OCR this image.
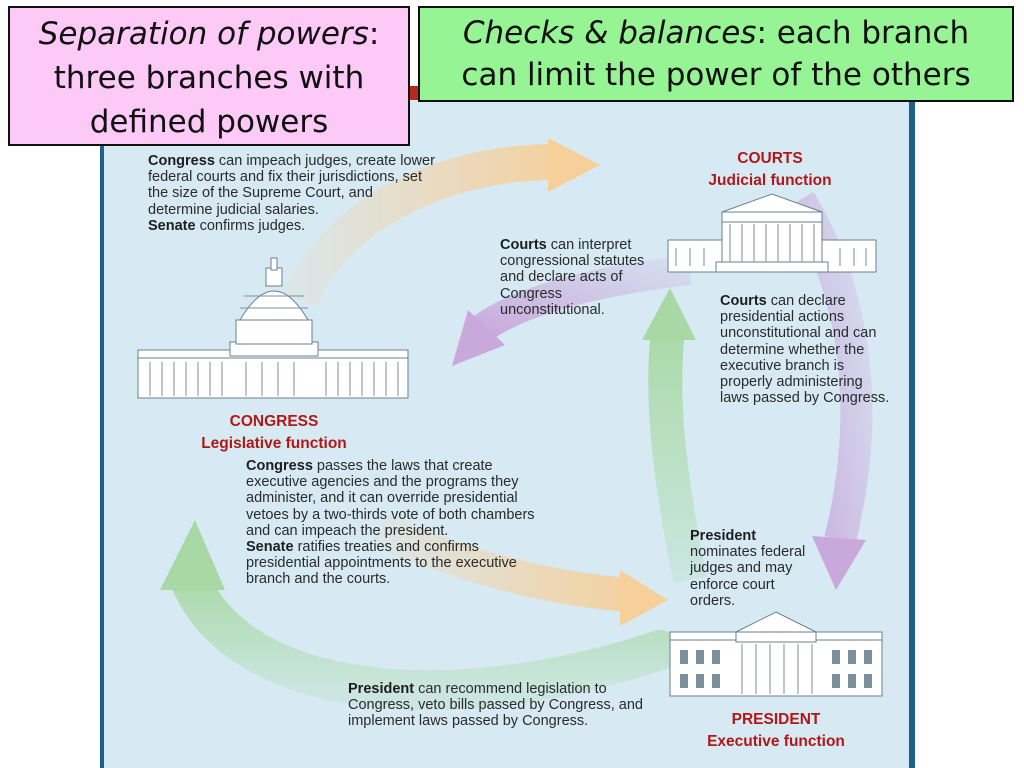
Separation of powers:
three branches with
defined powers
Checks & balances: each branch
can limit the power of the others
COURTS
Judicial function
CONGRESS
Legislative function
PRESIDENT
Executive function
Congress can impeach judges, create lower federal courts and fix their jurisdictions, set the size of the Supreme Court, and determine judicial salaries.
Senate confirms judges.
Courts can interpret congressional statutes and declare acts of Congress unconstitutional.
Courts can declare presidential actions unconstitutional and can determine whether the executive branch is properly administering laws passed by Congress.
Congress passes the laws that create executive agencies and the programs they administer, and it can override presidential vetoes by a two-thirds vote of both chambers and can impeach the president.
Senate ratifies treaties and confirms presidential appointments to the executive branch and the courts.
President nominates federal judges and may enforce court orders.
President can recommend legislation to Congress, veto bills passed by Congress, and implement laws passed by Congress.
